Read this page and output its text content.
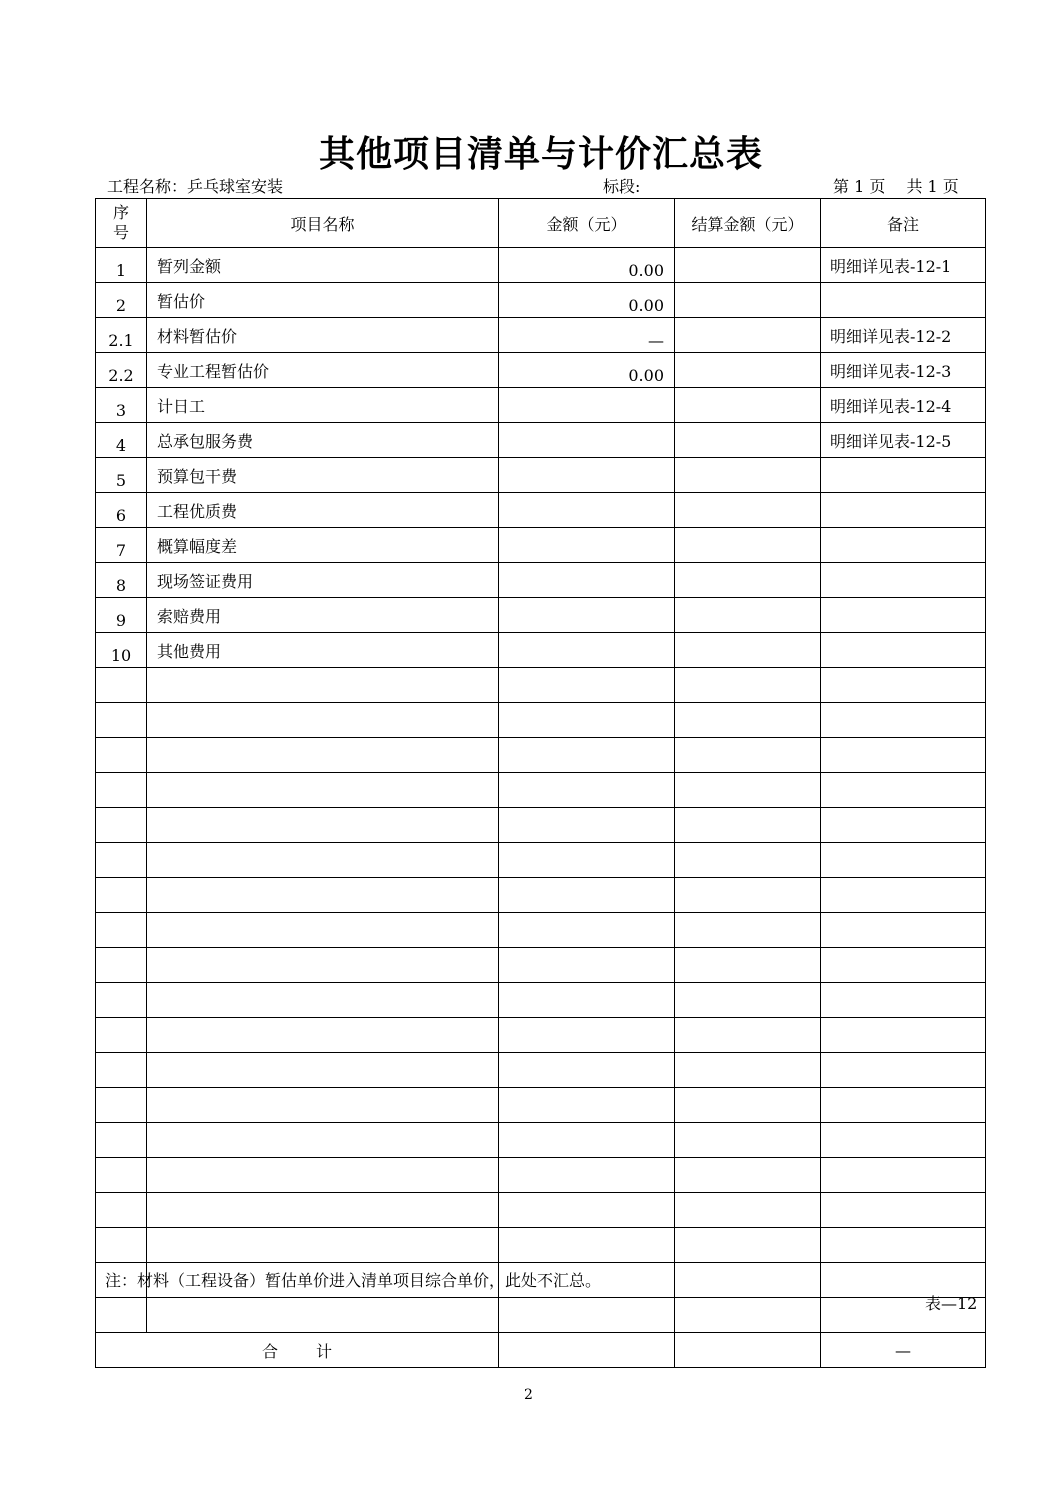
其他项目清单与计价汇总表
工程名称：乒乓球室安装	标段:	第 1 页　 共 1 页
序
号	项目名称	金额（元）	结算金额（元）	备注
1	暂列金额	0.00		明细详见表-12-1
2	暂估价	0.00		
2.1	材料暂估价	—		明细详见表-12-2
2.2	专业工程暂估价	0.00		明细详见表-12-3
3	计日工			明细详见表-12-4
4	总承包服务费			明细详见表-12-5
5	预算包干费			
6	工程优质费			
7	概算幅度差			
8	现场签证费用			
9	索赔费用			
10	其他费用			

合 计				—
注：材料（工程设备）暂估单价进入清单项目综合单价，此处不汇总。
表—12
2
